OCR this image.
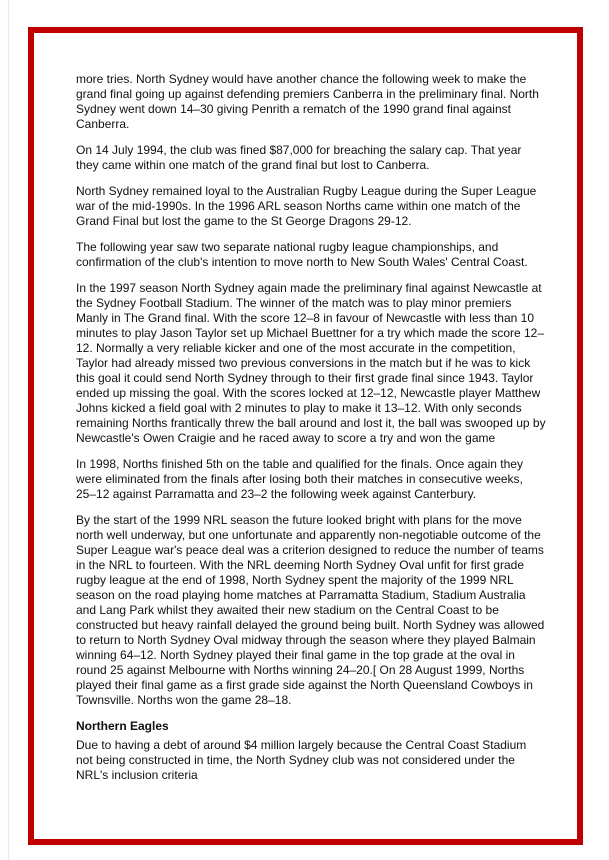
more tries. North Sydney would have another chance the following week to make the grand final going up against defending premiers Canberra in the preliminary final. North Sydney went down 14–30 giving Penrith a rematch of the 1990 grand final against Canberra.

On 14 July 1994, the club was fined $87,000 for breaching the salary cap. That year they came within one match of the grand final but lost to Canberra.

North Sydney remained loyal to the Australian Rugby League during the Super League war of the mid-1990s. In the 1996 ARL season Norths came within one match of the Grand Final but lost the game to the St George Dragons 29-12.

The following year saw two separate national rugby league championships, and confirmation of the club's intention to move north to New South Wales' Central Coast.

In the 1997 season North Sydney again made the preliminary final against Newcastle at the Sydney Football Stadium. The winner of the match was to play minor premiers Manly in The Grand final. With the score 12–8 in favour of Newcastle with less than 10 minutes to play Jason Taylor set up Michael Buettner for a try which made the score 12–12. Normally a very reliable kicker and one of the most accurate in the competition, Taylor had already missed two previous conversions in the match but if he was to kick this goal it could send North Sydney through to their first grade final since 1943. Taylor ended up missing the goal. With the scores locked at 12–12, Newcastle player Matthew Johns kicked a field goal with 2 minutes to play to make it 13–12. With only seconds remaining Norths frantically threw the ball around and lost it, the ball was swooped up by Newcastle's Owen Craigie and he raced away to score a try and won the game

In 1998, Norths finished 5th on the table and qualified for the finals. Once again they were eliminated from the finals after losing both their matches in consecutive weeks, 25–12 against Parramatta and 23–2 the following week against Canterbury.

By the start of the 1999 NRL season the future looked bright with plans for the move north well underway, but one unfortunate and apparently non-negotiable outcome of the Super League war's peace deal was a criterion designed to reduce the number of teams in the NRL to fourteen. With the NRL deeming North Sydney Oval unfit for first grade rugby league at the end of 1998, North Sydney spent the majority of the 1999 NRL season on the road playing home matches at Parramatta Stadium, Stadium Australia and Lang Park whilst they awaited their new stadium on the Central Coast to be constructed but heavy rainfall delayed the ground being built. North Sydney was allowed to return to North Sydney Oval midway through the season where they played Balmain winning 64–12. North Sydney played their final game in the top grade at the oval in round 25 against Melbourne with Norths winning 24–20.[ On 28 August 1999, Norths played their final game as a first grade side against the North Queensland Cowboys in Townsville. Norths won the game 28–18.

Northern Eagles

Due to having a debt of around $4 million largely because the Central Coast Stadium not being constructed in time, the North Sydney club was not considered under the NRL's inclusion criteria
